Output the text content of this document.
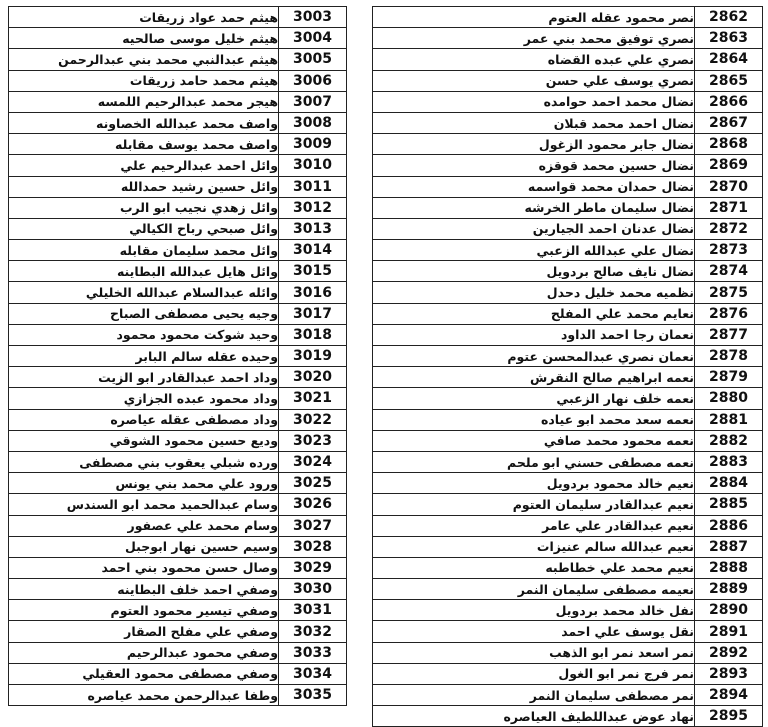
هيثم حمد عواد زريقات	3003
هيثم خليل موسى صالحيه	3004
هيثم عبدالنبي محمد بني عبدالرحمن	3005
هيثم محمد حامد زريقات	3006
هيجر محمد عبدالرحيم اللمسه	3007
واصف محمد عبدالله الخصاونه	3008
واصف محمد يوسف مقابله	3009
وائل احمد عبدالرحيم علي	3010
وائل حسين رشيد حمدالله	3011
وائل زهدي نجيب ابو الرب	3012
وائل صبحي رباح الكيالي	3013
وائل محمد سليمان مقابله	3014
وائل هايل عبدالله البطاينه	3015
وائله عبدالسلام عبدالله الخليلي	3016
وجيه يحيى مصطفى الصباح	3017
وحيد شوكت محمود محمود	3018
وحيده عقله سالم البابر	3019
وداد احمد عبدالقادر ابو الزيت	3020
وداد محمود عبده الجزازي	3021
وداد مصطفى عقله عياصره	3022
وديع حسين محمود الشوقي	3023
ورده شبلي يعقوب بني مصطفى	3024
ورود علي محمد بني يونس	3025
وسام عبدالحميد محمد ابو السندس	3026
وسام محمد علي عصفور	3027
وسيم حسين نهار ابوجبل	3028
وصال حسن محمود بني احمد	3029
وصفي احمد خلف البطاينه	3030
وصفي تيسير محمود العتوم	3031
وصفي علي مفلح الصقار	3032
وصفي محمود عبدالرحيم	3033
وصفي مصطفى محمود العقيلي	3034
وطفا عبدالرحمن محمد عياصره	3035
نصر محمود عقله العتوم	2862
نصري توفيق محمد بني عمر	2863
نصري علي عبده القضاه	2864
نصري يوسف علي حسن	2865
نضال محمد احمد حوامده	2866
نضال احمد محمد قبلان	2867
نضال جابر محمود الزغول	2868
نضال حسين محمد قوقزه	2869
نضال حمدان محمد قواسمه	2870
نضال سليمان ماطر الخرشه	2871
نضال عدنان احمد الجيارين	2872
نضال علي عبدالله الزعبي	2873
نضال نايف صالح بردويل	2874
نظميه محمد خليل دحدل	2875
نعايم محمد علي المفلح	2876
نعمان رجا احمد الداود	2877
نعمان نصري عبدالمحسن عتوم	2878
نعمه ابراهيم صالح النقرش	2879
نعمه خلف نهار الزعبي	2880
نعمه سعد محمد ابو عياده	2881
نعمه محمود محمد صافي	2882
نعمه مصطفى حسني ابو ملحم	2883
نعيم خالد محمود بردويل	2884
نعيم عبدالقادر سليمان العتوم	2885
نعيم عبدالقادر علي عامر	2886
نعيم عبدالله سالم عنيزات	2887
نعيم محمد علي خطاطبه	2888
نعيمه مصطفى سليمان النمر	2889
نفل خالد محمد بردويل	2890
نقل يوسف علي احمد	2891
نمر اسعد نمر ابو الذهب	2892
نمر فرج نمر ابو الغول	2893
نمر مصطفى سليمان النمر	2894
نهاد عوض عبداللطيف العياصره	2895
